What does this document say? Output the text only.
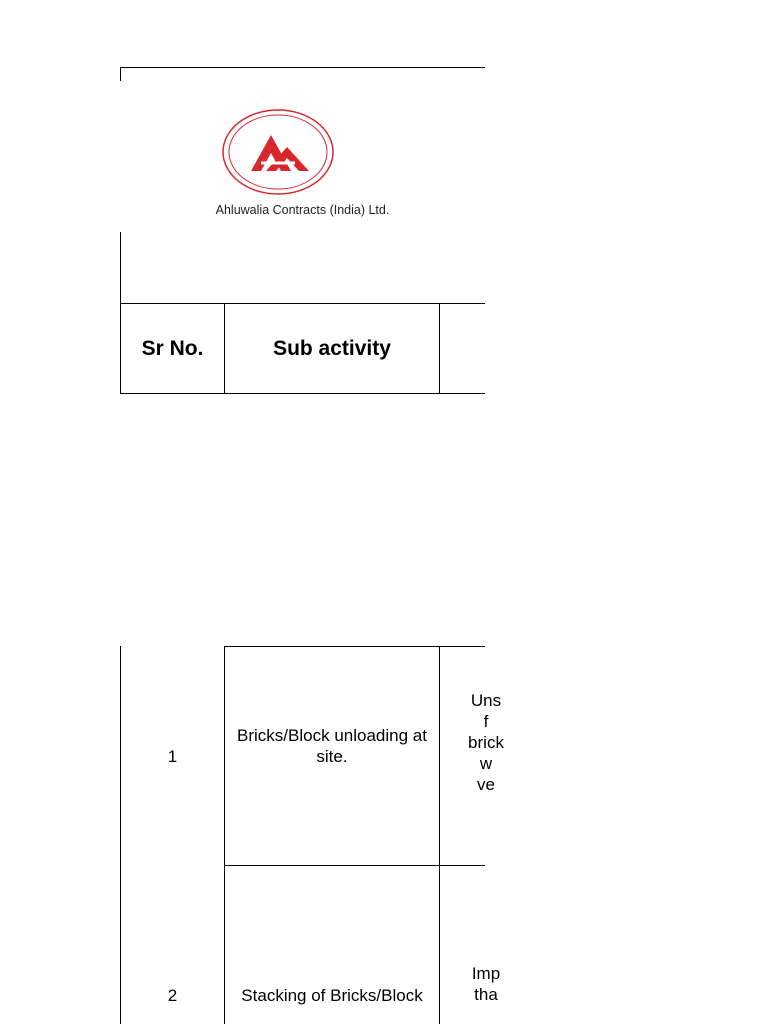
Ahluwalia Contracts (India) Ltd.
Sr No.	Sub activity
1
Bricks/Block unloading at site.
Uns
f
brick
w
ve
2	Stacking of Bricks/Block
Imp
tha
